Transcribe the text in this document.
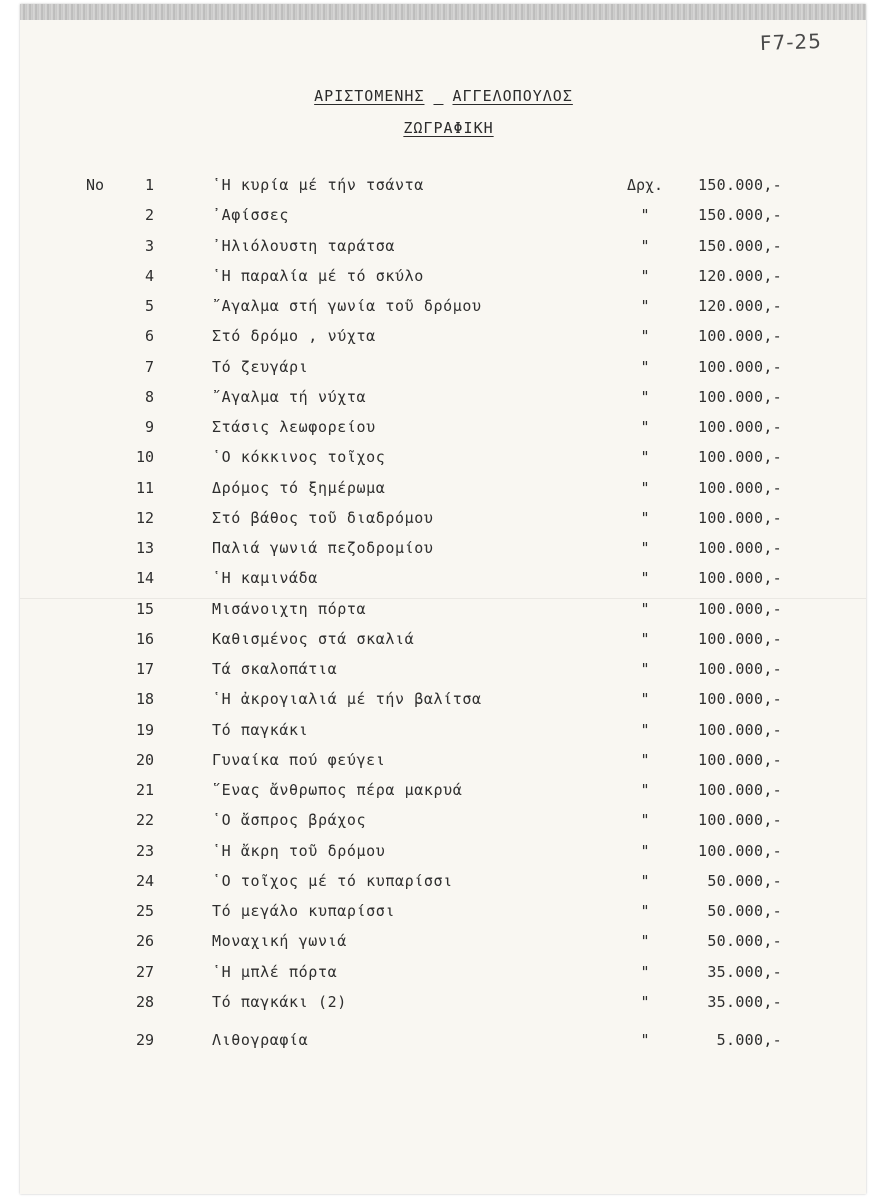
F7-25
ΑΡΙΣΤΟΜΕΝΗΣ ΑΓΓΕΛΟΠΟΥΛΟΣ
ΖΩΓΡΑΦΙΚΗ
No	1	῾Η κυρία μέ τήν τσάντα	Δρχ.	150.000,-
2	᾿Αφίσσες	"	150.000,-
3	᾿Ηλιόλουστη ταράτσα	"	150.000,-
4	῾Η παραλία μέ τό σκύλο	"	120.000,-
5	῎Αγαλμα στή γωνία τοῦ δρόμου	"	120.000,-
6	Στό δρόμο , νύχτα	"	100.000,-
7	Τό ζευγάρι	"	100.000,-
8	῎Αγαλμα τή νύχτα	"	100.000,-
9	Στάσις λεωφορείου	"	100.000,-
10	῾Ο κόκκινος τοῖχος	"	100.000,-
11	Δρόμος τό ξημέρωμα	"	100.000,-
12	Στό βάθος τοῦ διαδρόμου	"	100.000,-
13	Παλιά γωνιά πεζοδρομίου	"	100.000,-
14	῾Η καμινάδα	"	100.000,-
15	Μισάνοιχτη πόρτα	"	100.000,-
16	Καθισμένος στά σκαλιά	"	100.000,-
17	Τά σκαλοπάτια	"	100.000,-
18	῾Η ἀκρογιαλιά μέ τήν βαλίτσα	"	100.000,-
19	Τό παγκάκι	"	100.000,-
20	Γυναίκα πού φεύγει	"	100.000,-
21	῞Ενας ἄνθρωπος πέρα μακρυά	"	100.000,-
22	῾Ο ἄσπρος βράχος	"	100.000,-
23	῾Η ἄκρη τοῦ δρόμου	"	100.000,-
24	῾Ο τοῖχος μέ τό κυπαρίσσι	"	50.000,-
25	Τό μεγάλο κυπαρίσσι	"	50.000,-
26	Μοναχική γωνιά	"	50.000,-
27	῾Η μπλέ πόρτα	"	35.000,-
28	Τό παγκάκι (2)	"	35.000,-
29	Λιθογραφία	"	5.000,-
